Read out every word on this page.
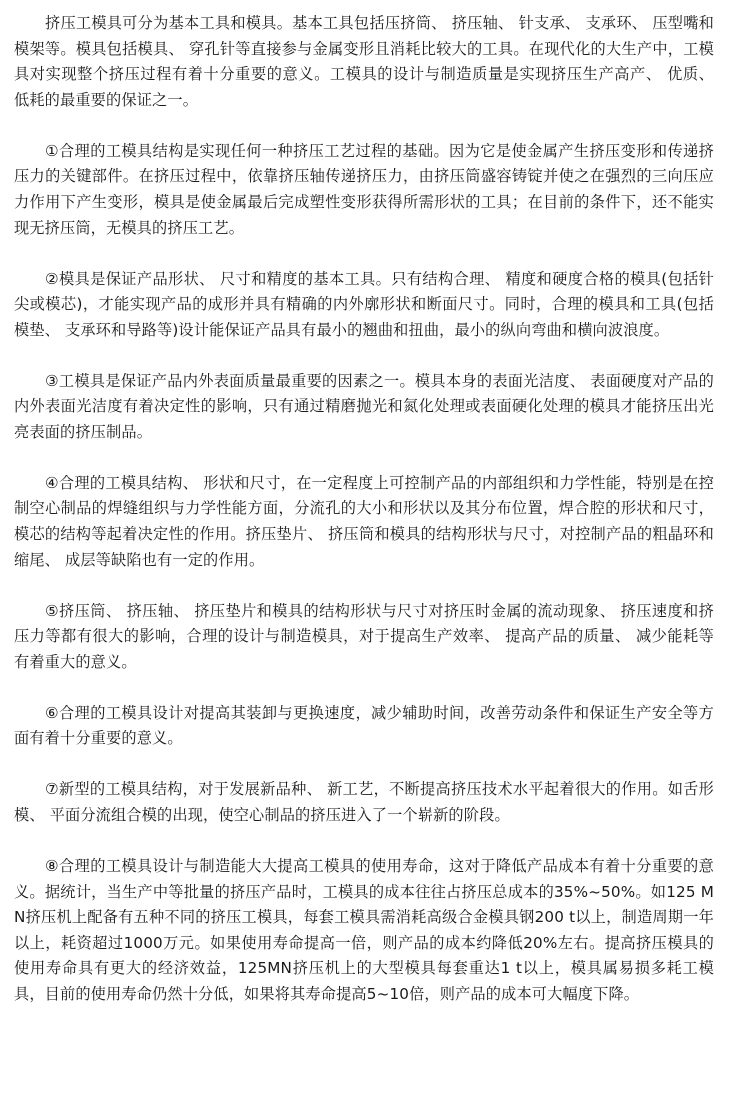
挤压工模具可分为基本工具和模具。基本工具包括压挤筒、 挤压轴、 针支承、 支承环、 压型嘴和模架等。模具包括模具、 穿孔针等直接参与金属变形且消耗比较大的工具。在现代化的大生产中，工模具对实现整个挤压过程有着十分重要的意义。工模具的设计与制造质量是实现挤压生产高产、 优质、 低耗的最重要的保证之一。

①合理的工模具结构是实现任何一种挤压工艺过程的基础。因为它是使金属产生挤压变形和传递挤压力的关键部件。在挤压过程中，依靠挤压轴传递挤压力，由挤压筒盛容铸锭并使之在强烈的三向压应力作用下产生变形，模具是使金属最后完成塑性变形获得所需形状的工具；在目前的条件下，还不能实现无挤压筒，无模具的挤压工艺。

②模具是保证产品形状、 尺寸和精度的基本工具。只有结构合理、 精度和硬度合格的模具(包括针尖或模芯)，才能实现产品的成形并具有精确的内外廓形状和断面尺寸。同时，合理的模具和工具(包括模垫、 支承环和导路等)设计能保证产品具有最小的翘曲和扭曲，最小的纵向弯曲和横向波浪度。

③工模具是保证产品内外表面质量最重要的因素之一。模具本身的表面光洁度、 表面硬度对产品的内外表面光洁度有着决定性的影响，只有通过精磨抛光和氮化处理或表面硬化处理的模具才能挤压出光亮表面的挤压制品。

④合理的工模具结构、 形状和尺寸，在一定程度上可控制产品的内部组织和力学性能，特别是在控制空心制品的焊缝组织与力学性能方面，分流孔的大小和形状以及其分布位置，焊合腔的形状和尺寸，模芯的结构等起着决定性的作用。挤压垫片、 挤压筒和模具的结构形状与尺寸，对控制产品的粗晶环和缩尾、 成层等缺陷也有一定的作用。

⑤挤压筒、 挤压轴、 挤压垫片和模具的结构形状与尺寸对挤压时金属的流动现象、 挤压速度和挤压力等都有很大的影响，合理的设计与制造模具，对于提高生产效率、 提高产品的质量、 减少能耗等有着重大的意义。

⑥合理的工模具设计对提高其装卸与更换速度，减少辅助时间，改善劳动条件和保证生产安全等方面有着十分重要的意义。

⑦新型的工模具结构，对于发展新品种、 新工艺，不断提高挤压技术水平起着很大的作用。如舌形模、 平面分流组合模的出现，使空心制品的挤压进入了一个崭新的阶段。

⑧合理的工模具设计与制造能大大提高工模具的使用寿命，这对于降低产品成本有着十分重要的意义。据统计，当生产中等批量的挤压产品时，工模具的成本往往占挤压总成本的35%~50%。如125 MN挤压机上配备有五种不同的挤压工模具，每套工模具需消耗高级合金模具钢200 t以上，制造周期一年以上，耗资超过1000万元。如果使用寿命提高一倍，则产品的成本约降低20%左右。提高挤压模具的使用寿命具有更大的经济效益，125MN挤压机上的大型模具每套重达1 t以上，模具属易损多耗工模具，目前的使用寿命仍然十分低，如果将其寿命提高5~10倍，则产品的成本可大幅度下降。
